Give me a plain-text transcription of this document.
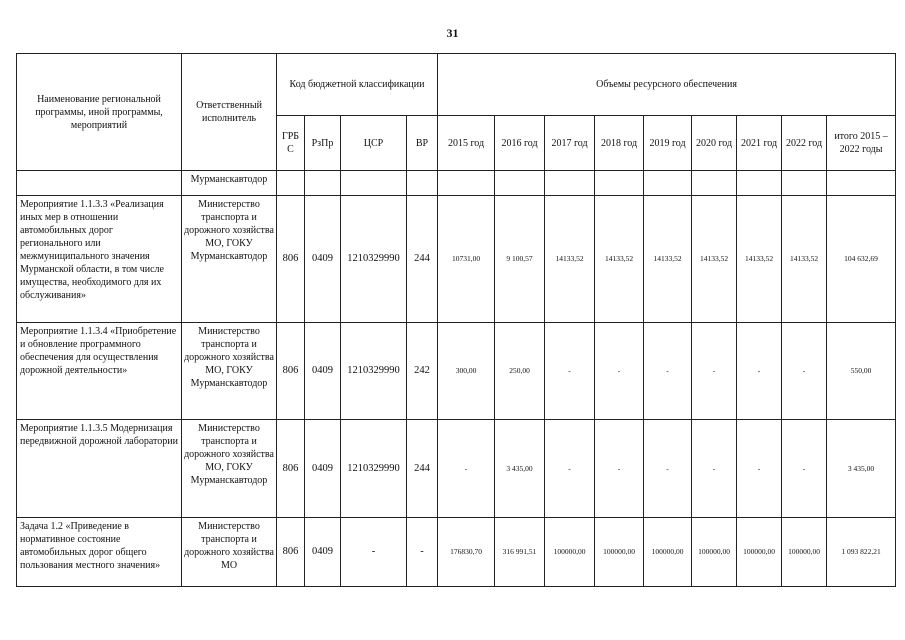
31
Наименование региональной программы, иной программы, мероприятий	Ответственный исполнитель	Код бюджетной классификации				Объемы ресурсного обеспечения								
		ГРБ С	РзПр	ЦСР	ВР	2015 год	2016 год	2017 год	2018 год	2019 год	2020 год	2021 год	2022 год	итого 2015 – 2022 годы
	Мурманскавтодор													
Мероприятие 1.1.3.3 «Реализация иных мер в отношении автомобильных дорог регионального или межмуниципального значения Мурманской области, в том числе имущества, необходимого для их обслуживания»	Министерство транспорта и дорожного хозяйства МО, ГОКУ Мурманскавтодор	806	0409	1210329990	244	10731,00	9 100,57	14133,52	14133,52	14133,52	14133,52	14133,52	14133,52	104 632,69
Мероприятие 1.1.3.4 «Приобретение и обновление программного обеспечения для осуществления дорожной деятельности»	Министерство транспорта и дорожного хозяйства МО, ГОКУ Мурманскавтодор	806	0409	1210329990	242	300,00	250,00	-	-	-	-	-	-	550,00
Мероприятие 1.1.3.5 Модернизация передвижной дорожной лаборатории	Министерство транспорта и дорожного хозяйства МО, ГОКУ Мурманскавтодор	806	0409	1210329990	244	-	3 435,00	-	-	-	-	-	-	3 435,00
Задача 1.2 «Приведение в нормативное состояние автомобильных дорог общего пользования местного значения»	Министерство транспорта и дорожного хозяйства МО	806	0409	-	-	176830,70	316 991,51	100000,00	100000,00	100000,00	100000,00	100000,00	100000,00	1 093 822,21
